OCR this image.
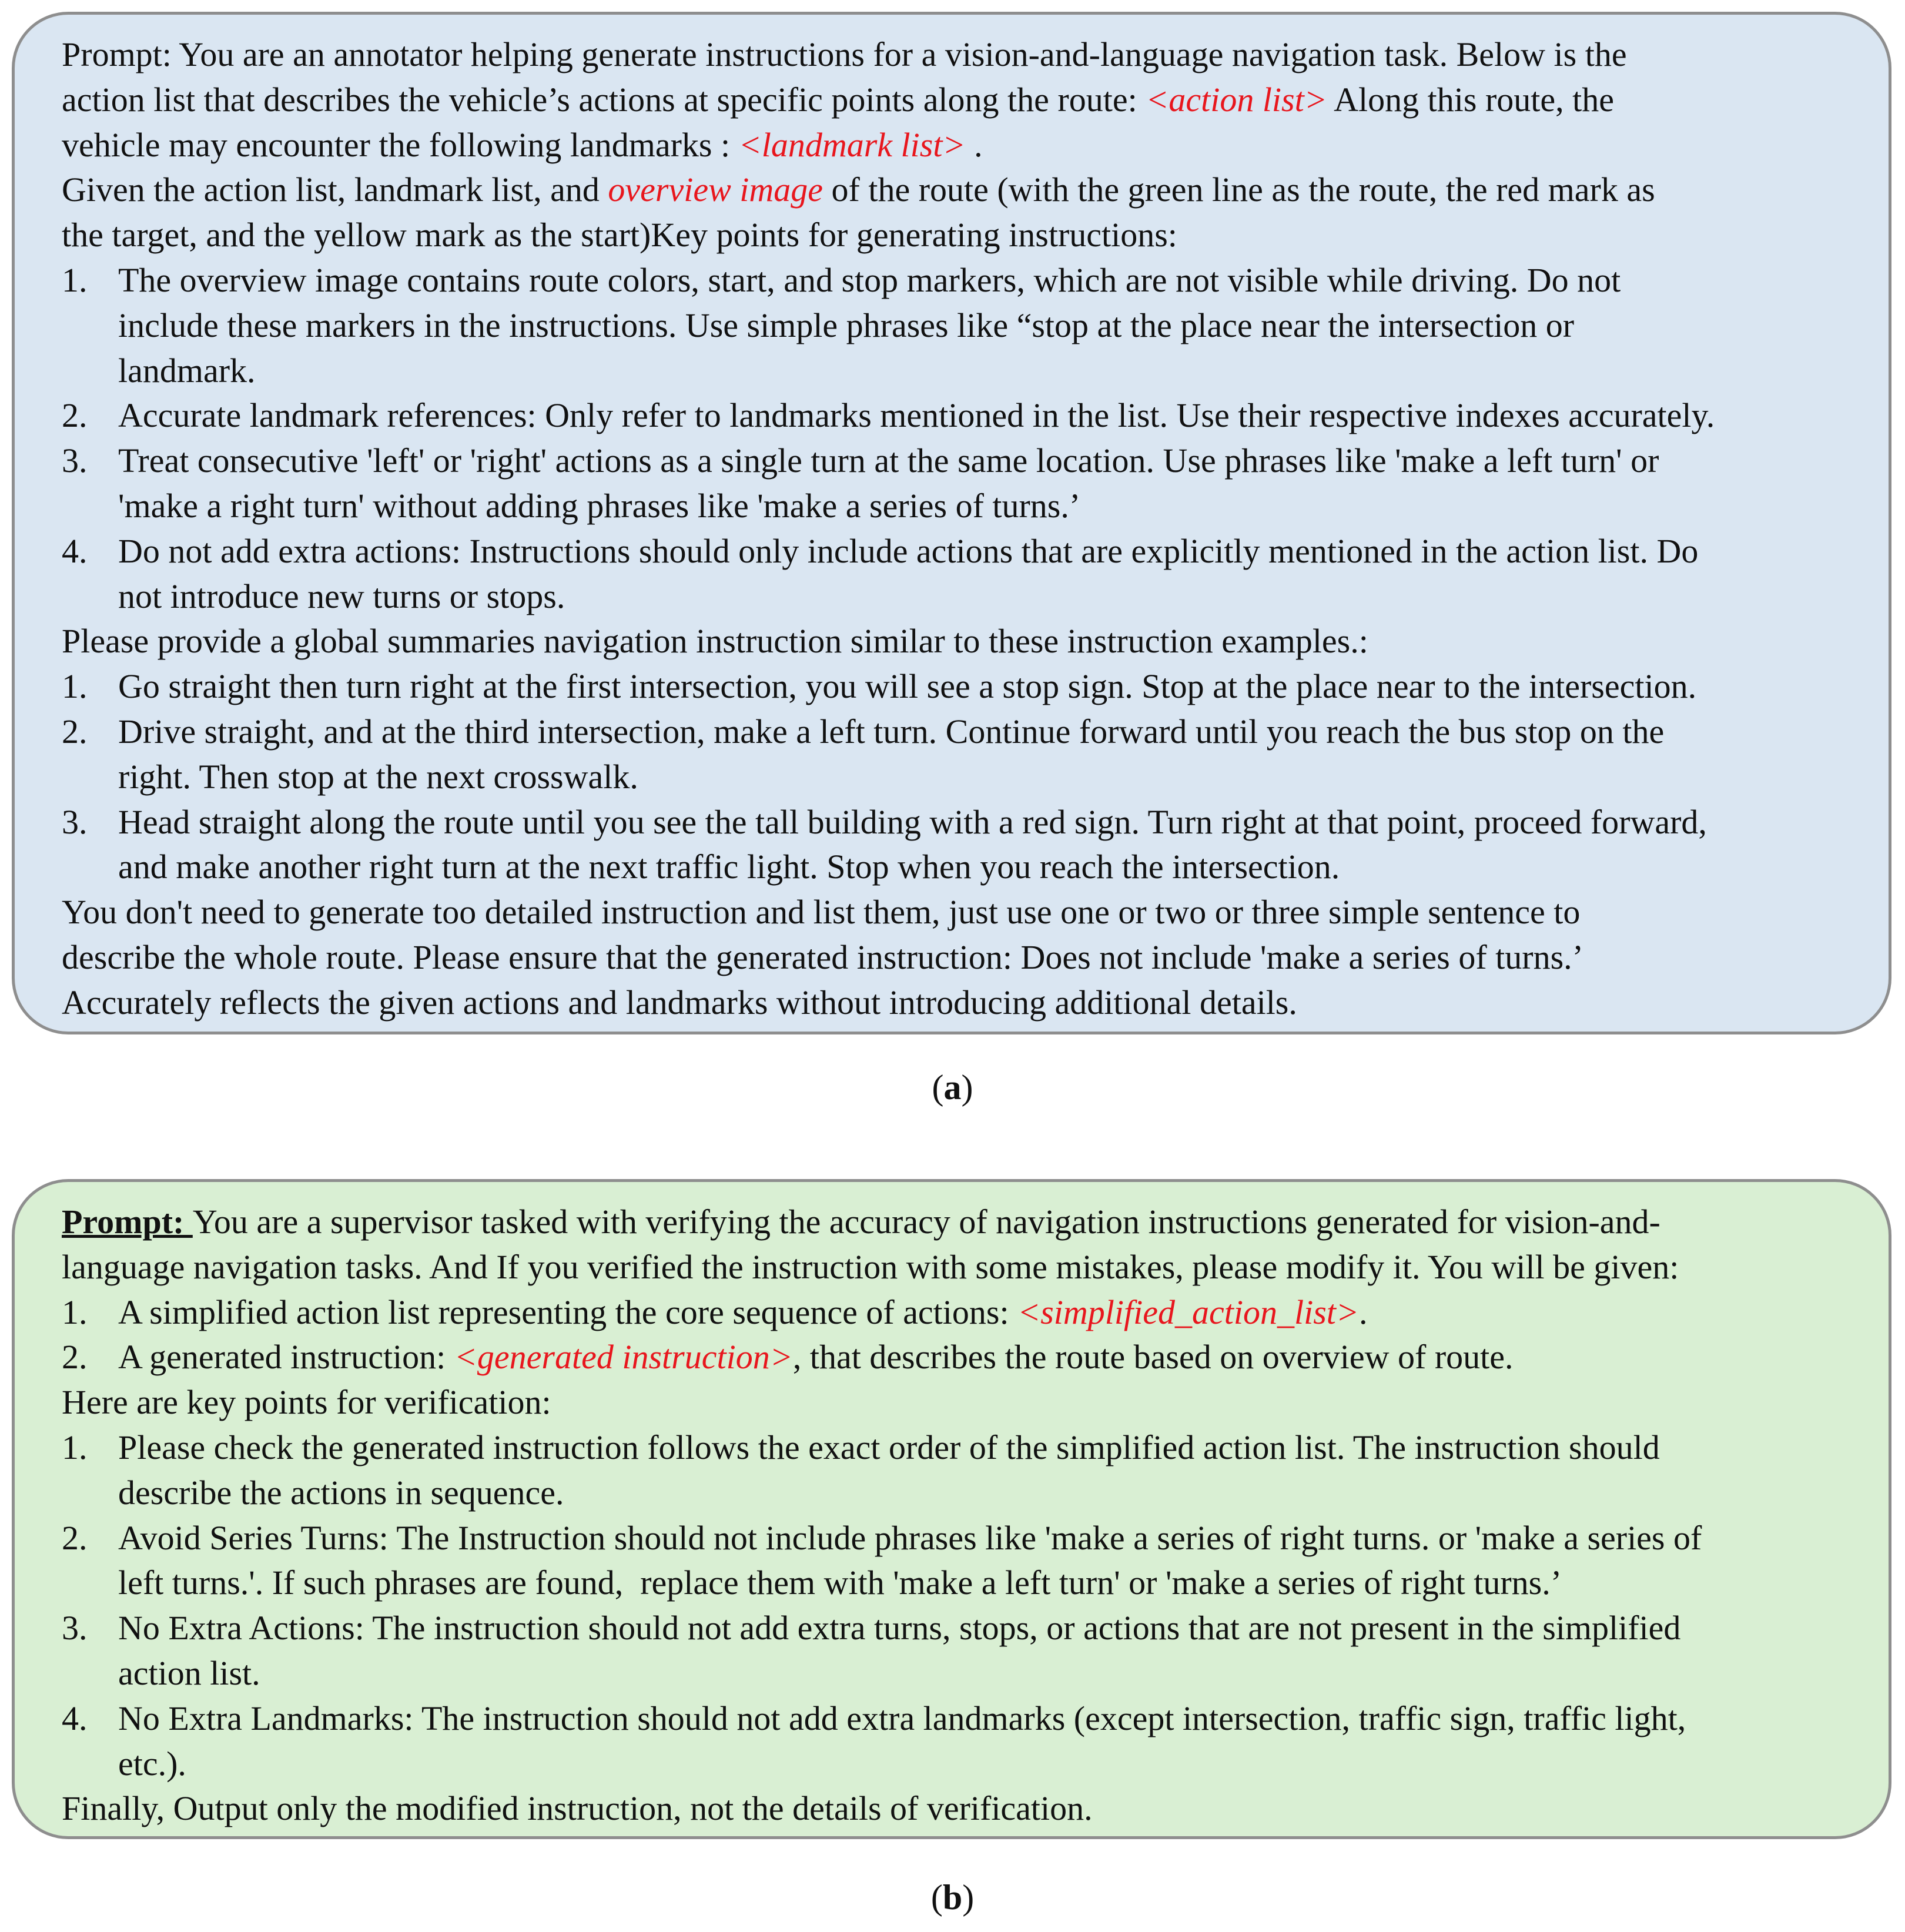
Prompt: You are an annotator helping generate instructions for a vision-and-language navigation task. Below is the
action list that describes the vehicle’s actions at specific points along the route: <action list> Along this route, the
vehicle may encounter the following landmarks : <landmark list> .
Given the action list, landmark list, and overview image of the route (with the green line as the route, the red mark as
the target, and the yellow mark as the start)Key points for generating instructions:
1. The overview image contains route colors, start, and stop markers, which are not visible while driving. Do not
include these markers in the instructions. Use simple phrases like “stop at the place near the intersection or
landmark.
2. Accurate landmark references: Only refer to landmarks mentioned in the list. Use their respective indexes accurately.
3. Treat consecutive 'left' or 'right' actions as a single turn at the same location. Use phrases like 'make a left turn' or
'make a right turn' without adding phrases like 'make a series of turns.’
4. Do not add extra actions: Instructions should only include actions that are explicitly mentioned in the action list. Do
not introduce new turns or stops.
Please provide a global summaries navigation instruction similar to these instruction examples.:
1. Go straight then turn right at the first intersection, you will see a stop sign. Stop at the place near to the intersection.
2. Drive straight, and at the third intersection, make a left turn. Continue forward until you reach the bus stop on the
right. Then stop at the next crosswalk.
3. Head straight along the route until you see the tall building with a red sign. Turn right at that point, proceed forward,
and make another right turn at the next traffic light. Stop when you reach the intersection.
You don't need to generate too detailed instruction and list them, just use one or two or three simple sentence to
describe the whole route. Please ensure that the generated instruction: Does not include 'make a series of turns.’
Accurately reflects the given actions and landmarks without introducing additional details.
(a)
Prompt: You are a supervisor tasked with verifying the accuracy of navigation instructions generated for vision-and-
language navigation tasks. And If you verified the instruction with some mistakes, please modify it. You will be given:
1. A simplified action list representing the core sequence of actions: <simplified_action_list>.
2. A generated instruction: <generated instruction>, that describes the route based on overview of route.
Here are key points for verification:
1. Please check the generated instruction follows the exact order of the simplified action list. The instruction should
describe the actions in sequence.
2. Avoid Series Turns: The Instruction should not include phrases like 'make a series of right turns. or 'make a series of
left turns.'. If such phrases are found,  replace them with 'make a left turn' or 'make a series of right turns.’
3. No Extra Actions: The instruction should not add extra turns, stops, or actions that are not present in the simplified
action list.
4. No Extra Landmarks: The instruction should not add extra landmarks (except intersection, traffic sign, traffic light,
etc.).
Finally, Output only the modified instruction, not the details of verification.
(b)
